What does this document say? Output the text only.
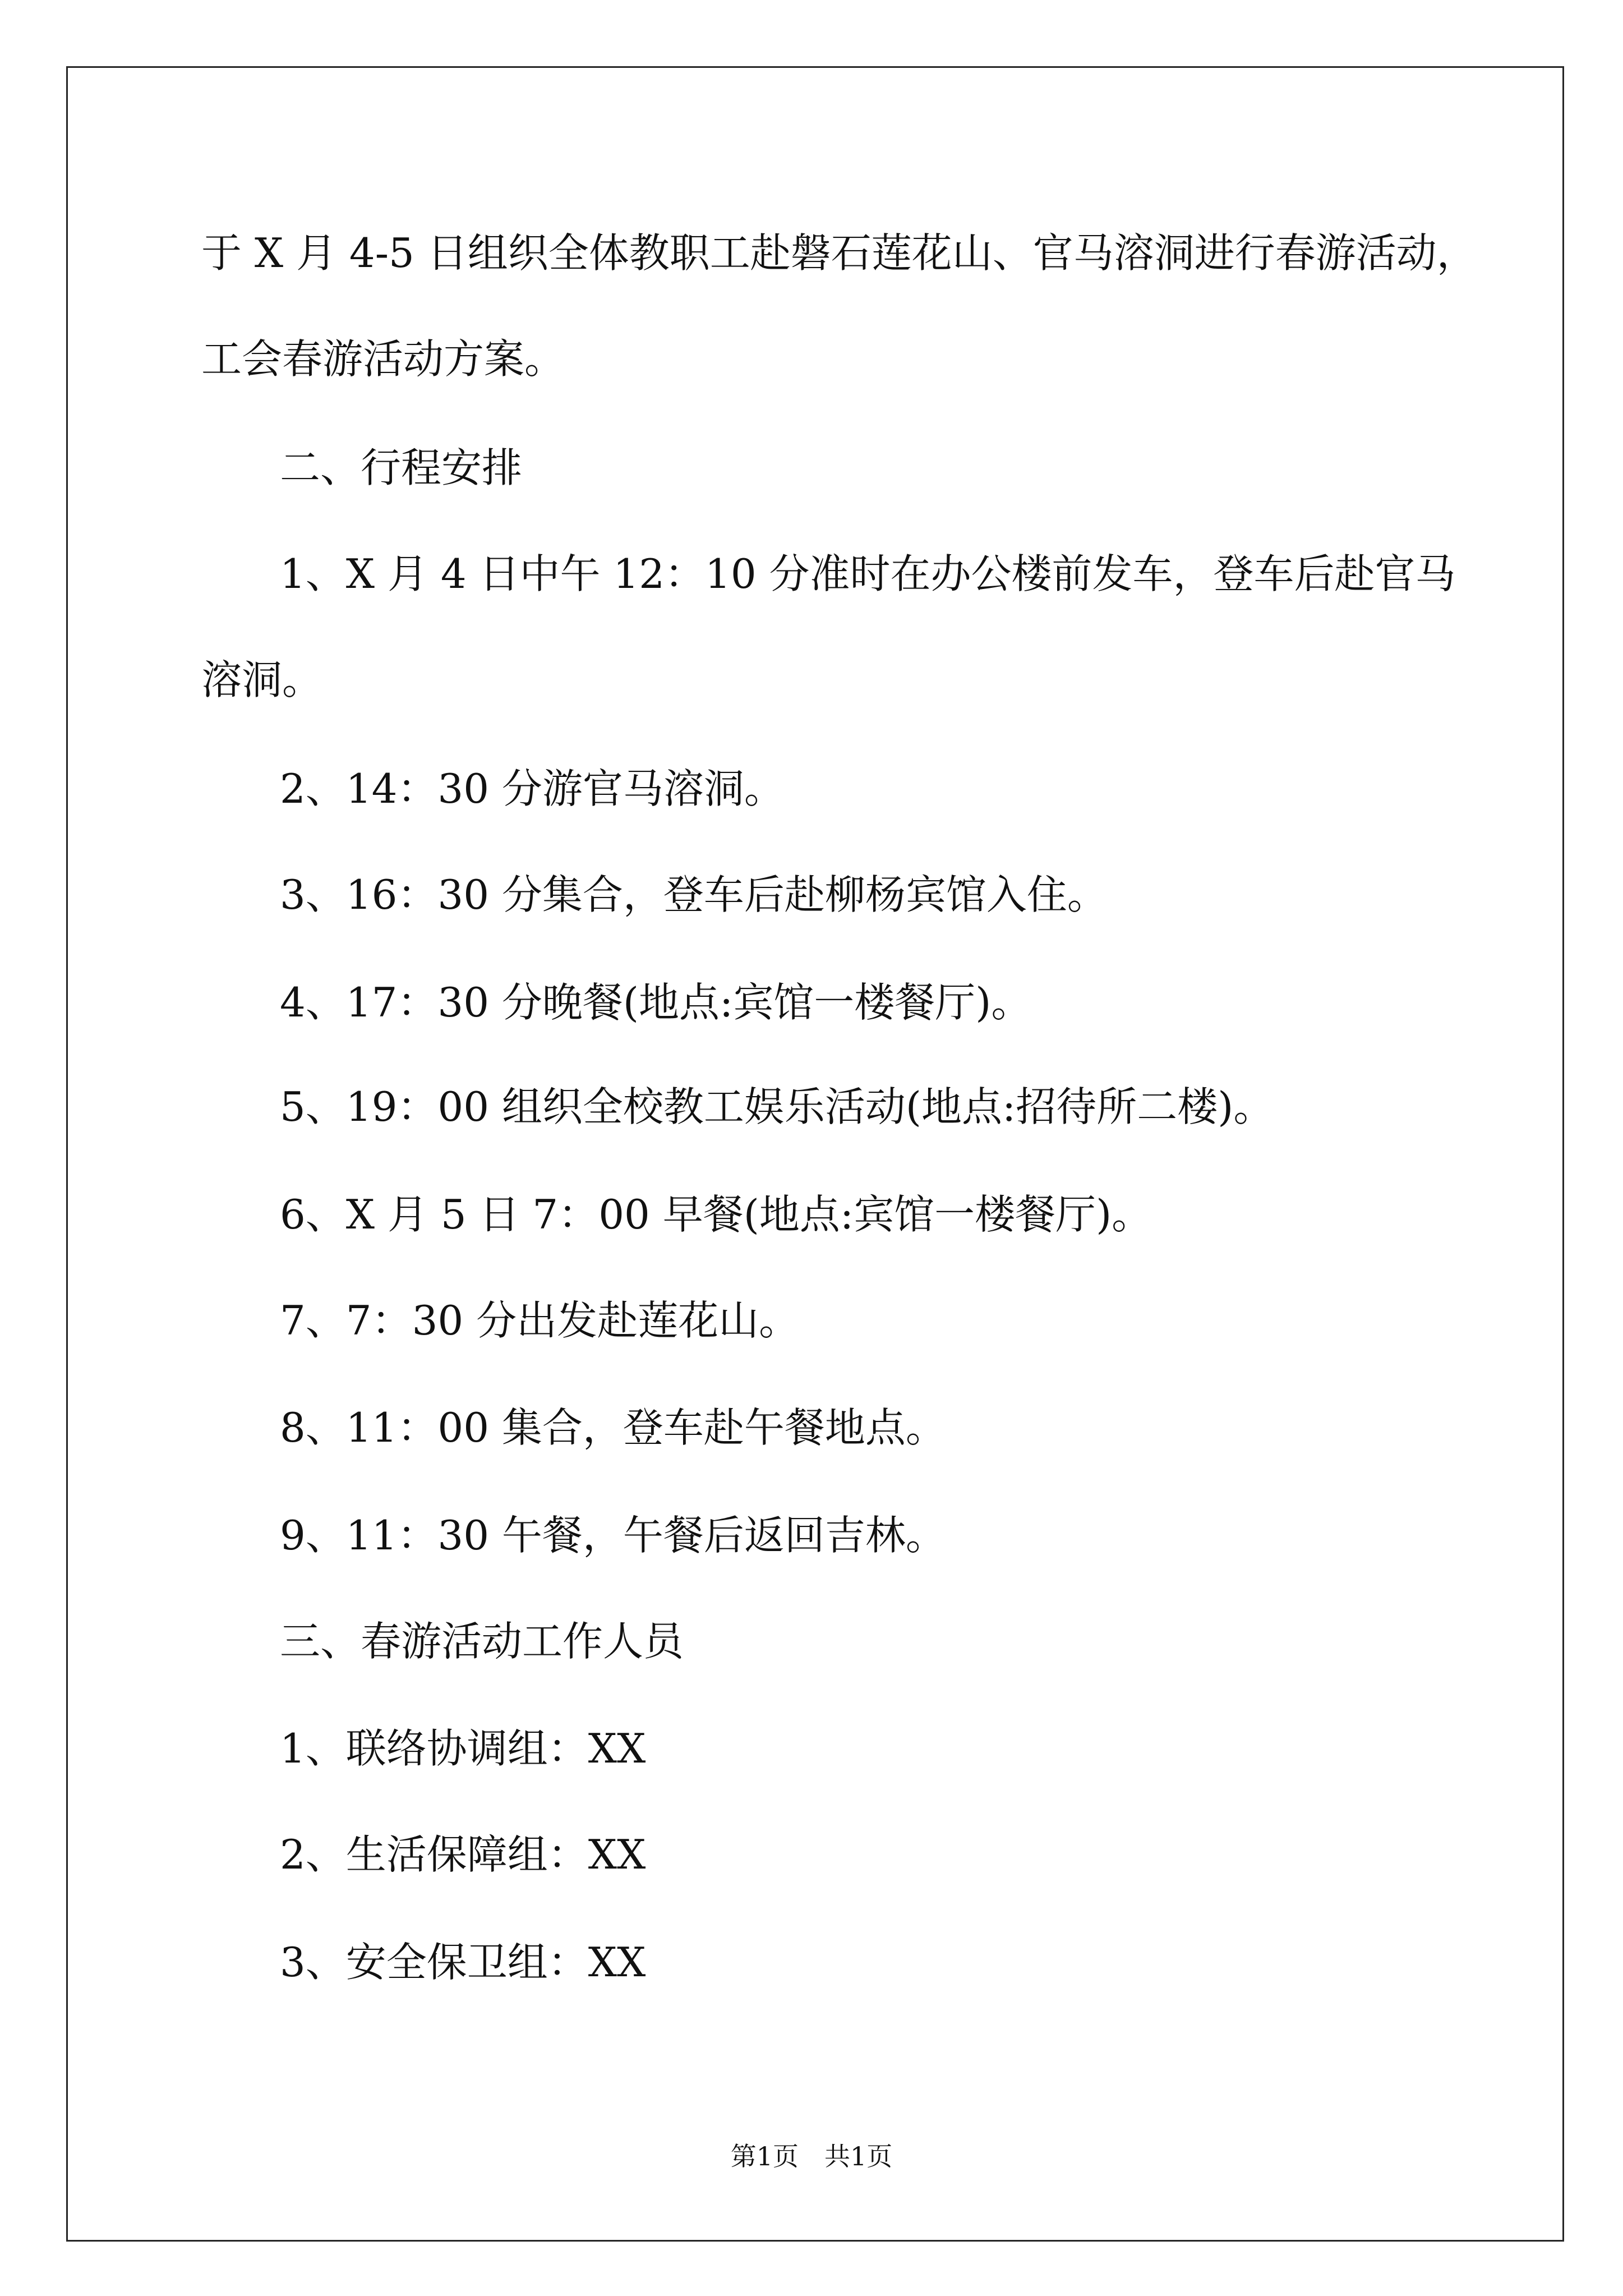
于 X 月 4-5 日组织全体教职工赴磐石莲花山、官马溶洞进行春游活动，
工会春游活动方案。
二、行程安排
1、X 月 4 日中午 12：10 分准时在办公楼前发车，登车后赴官马
溶洞。
2、14：30 分游官马溶洞。
3、16：30 分集合，登车后赴柳杨宾馆入住。
4、17：30 分晚餐(地点:宾馆一楼餐厅)。
5、19：00 组织全校教工娱乐活动(地点:招待所二楼)。
6、X 月 5 日 7：00 早餐(地点:宾馆一楼餐厅)。
7、7：30 分出发赴莲花山。
8、11：00 集合，登车赴午餐地点。
9、11：30 午餐，午餐后返回吉林。
三、春游活动工作人员
1、联络协调组：XX
2、生活保障组：XX
3、安全保卫组：XX
第1页 共1页
